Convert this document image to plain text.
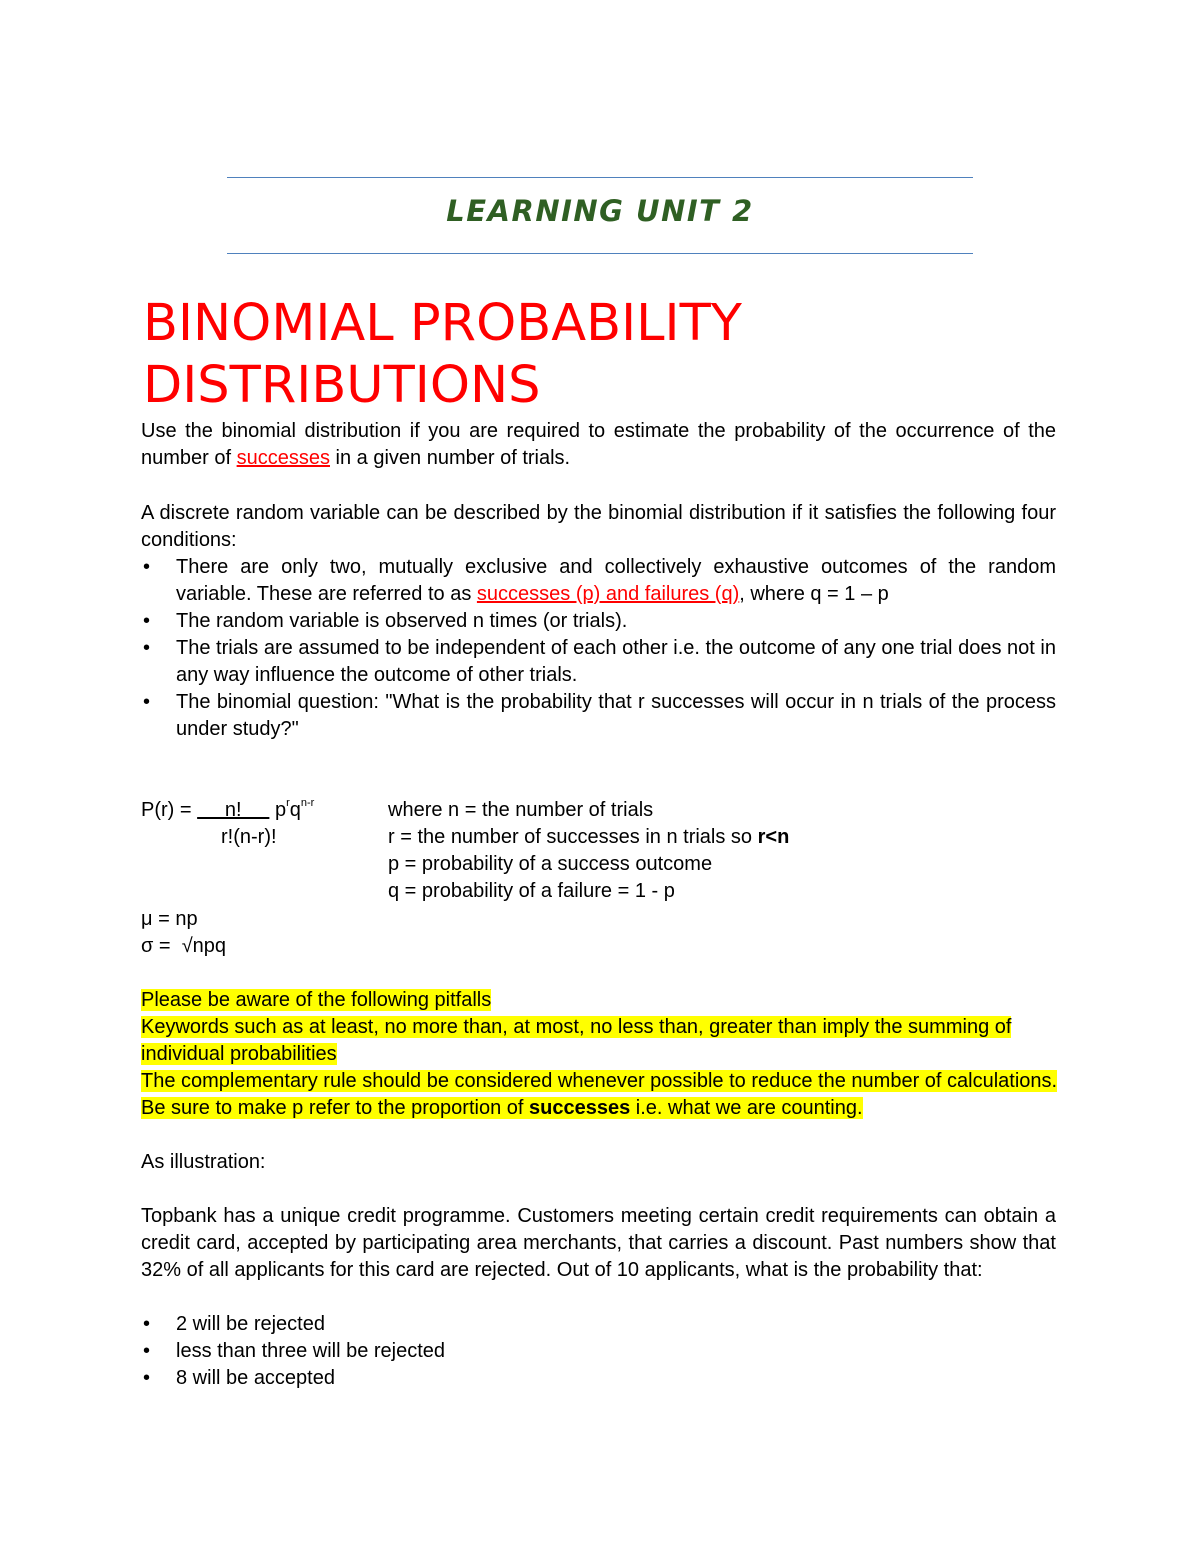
LEARNING UNIT 2
BINOMIAL PROBABILITY
DISTRIBUTIONS
Use the binomial distribution if you are required to estimate the probability of the occurrence of the number of successes in a given number of trials.
A discrete random variable can be described by the binomial distribution if it satisfies the following four conditions:
• There are only two, mutually exclusive and collectively exhaustive outcomes of the random variable. These are referred to as successes (p) and failures (q), where q = 1 – p
• The random variable is observed n times (or trials).
• The trials are assumed to be independent of each other i.e. the outcome of any one trial does not in any way influence the outcome of other trials.
• The binomial question: "What is the probability that r successes will occur in n trials of the process under study?"
P(r) =      n!      $p^rq^{n-r}$
r!(n-r)!
where n = the number of trials
r = the number of successes in n trials so r<n
p = probability of a success outcome
q = probability of a failure = 1 - p
μ = np
σ =  √npq
Please be aware of the following pitfalls
Keywords such as at least, no more than, at most, no less than, greater than imply the summing of individual probabilities
The complementary rule should be considered whenever possible to reduce the number of calculations.
Be sure to make p refer to the proportion of successes i.e. what we are counting.
As illustration:
Topbank has a unique credit programme. Customers meeting certain credit requirements can obtain a credit card, accepted by participating area merchants, that carries a discount. Past numbers show that 32% of all applicants for this card are rejected. Out of 10 applicants, what is the probability that:
• 2 will be rejected
• less than three will be rejected
• 8 will be accepted
